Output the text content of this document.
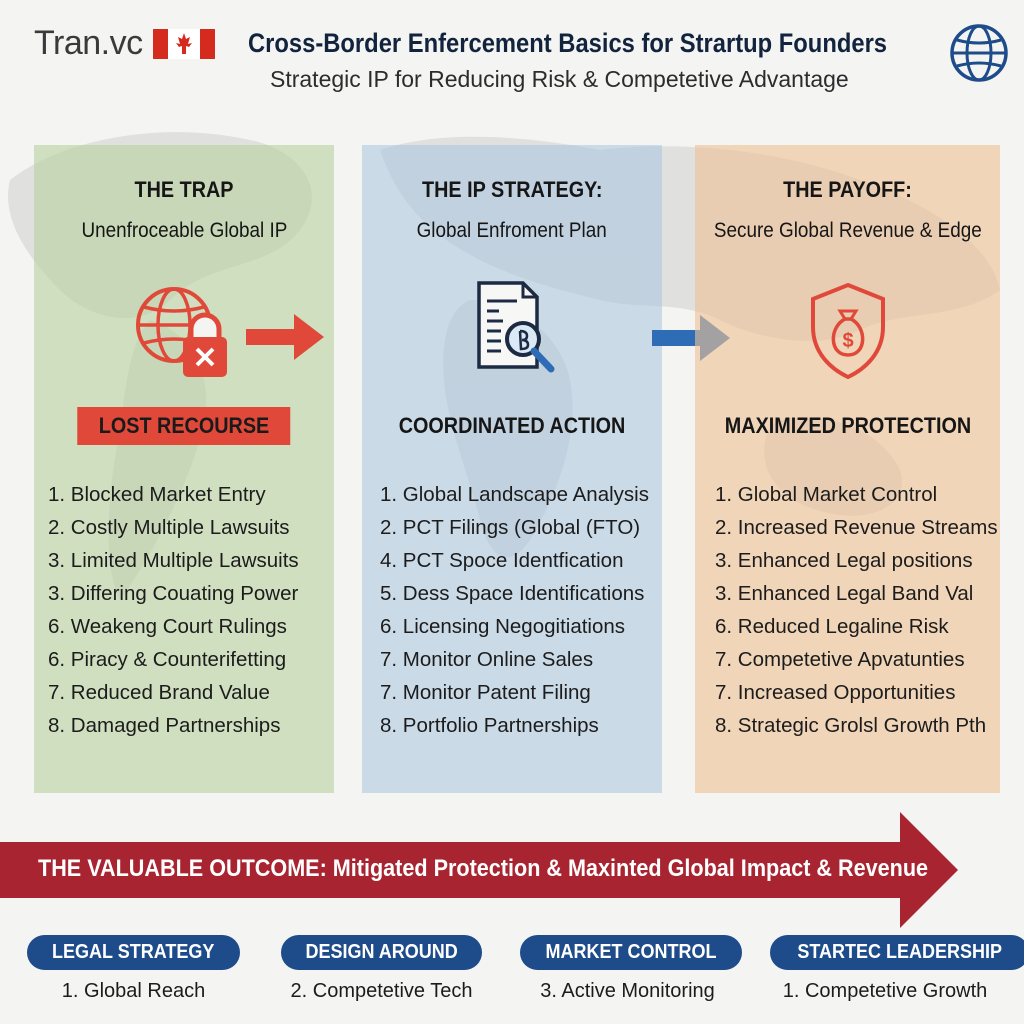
Tran.vc	Cross-Border Enfercement Basics for Strartup Founders
Strategic IP for Reducing Risk & Competetive Advantage
THE TRAP
Unenfroceable Global IP
LOST RECOURSE
1. Blocked Market Entry
2. Costly Multiple Lawsuits
3. Limited Multiple Lawsuits
3. Differing Couating Power
6. Weakeng Court Rulings
6. Piracy & Counterifetting
7. Reduced Brand Value
8. Damaged Partnerships
THE IP STRATEGY:
Global Enfroment Plan
COORDINATED ACTION
1. Global Landscape Analysis
2. PCT Filings (Global (FTO)
4. PCT Spoce Identfication
5. Dess Space Identifications
6. Licensing Negogitiations
7. Monitor Online Sales
7. Monitor Patent Filing
8. Portfolio Partnerships
THE PAYOFF:
Secure Global Revenue & Edge
$
MAXIMIZED PROTECTION
1. Global Market Control
2. Increased Revenue Streams
3. Enhanced Legal positions
3. Enhanced Legal Band Val
6. Reduced Legaline Risk
7. Competetive Apvatunties
7. Increased Opportunities
8. Strategic Grolsl Growth Pth
THE VALUABLE OUTCOME: Mitigated Protection & Maxinted Global Impact & Revenue
LEGAL STRATEGY
1. Global Reach
DESIGN AROUND
2. Competetive Tech
MARKET CONTROL
3. Active Monitoring
STARTEC LEADERSHIP
1. Competetive Growth
